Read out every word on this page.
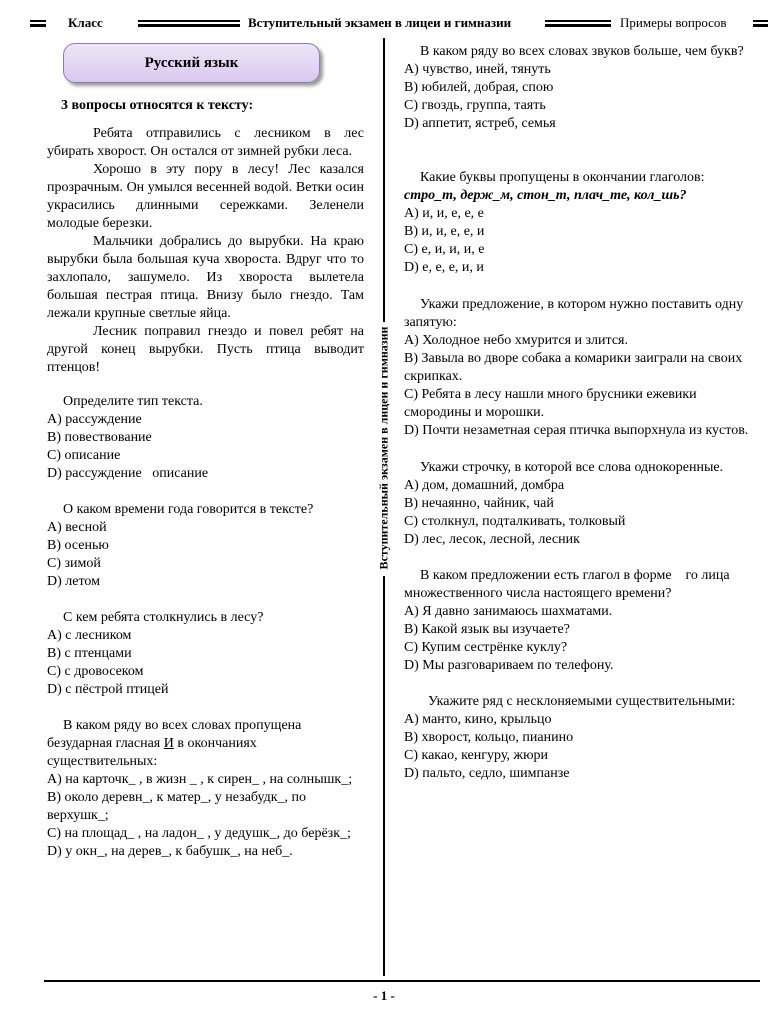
Класс	Вступительный экзамен в лицеи и гимназии	Примеры вопросов
Русский язык

3 вопросы относятся к тексту:

Ребята отправились с лесником в лес убирать хворост. Он остался от зимней рубки леса.

Хорошо в эту пору в лесу! Лес казался прозрачным. Он умылся весенней водой. Ветки осин украсились длинными сережками. Зеленели молодые березки.

Мальчики добрались до вырубки. На краю вырубки была большая куча хвороста. Вдруг что то захлопало, зашумело. Из хвороста вылетела большая пестрая птица. Внизу было гнездо. Там лежали крупные светлые яйца.

Лесник поправил гнездо и повел ребят на другой конец вырубки. Пусть птица выводит птенцов!

Определите тип текста.

A) рассуждение

B) повествование

C) описание

D) рассуждение   описание

О каком времени года говорится в тексте?

A) весной

B) осенью

C) зимой

D) летом

С кем ребята столкнулись в лесу?

A) с лесником

B) с птенцами

C) с дровосеком

D) с пёстрой птицей

В каком ряду во всех словах пропущена безударная гласная И в окончаниях существительных:

A) на карточк_ , в жизн _ , к сирен_ , на солнышк_;

B) около деревн_, к матер_, у незабудк_, по верхушк_;

C) на площад_ , на ладон_ , у дедушк_, до берёзк_;

D) у окн_, на дерев_, к бабушк_, на неб_.

Вступительный экзамен в лицеи и гимназии

В каком ряду во всех словах звуков больше, чем букв?

A) чувство, иней, тянуть

B) юбилей, добрая, спою

C) гвоздь, группа, таять

D) аппетит, ястреб, семья

Какие буквы пропущены в окончании глаголов:

стро_т, держ_м, стон_т, плач_те, кол_шь?

A) и, и, е, е, е

B) и, и, е, е, и

C) е, и, и, и, е

D) е, е, е, и, и

Укажи предложение, в котором нужно поставить одну запятую:

A) Холодное небо хмурится и злится.

B) Завыла во дворе собака а комарики заиграли на своих скрипках.

C) Ребята в лесу нашли много брусники ежевики смородины и морошки.

D) Почти незаметная серая птичка выпорхнула из кустов.

Укажи строчку, в которой все слова однокоренные.

A) дом, домашний, домбра

B) нечаянно, чайник, чай

C) столкнул, подталкивать, толковый

D) лес, лесок, лесной, лесник

В каком предложении есть глагол в форме    го лица множественного числа настоящего времени?

A) Я давно занимаюсь шахматами.

B) Какой язык вы изучаете?

C) Купим сестрёнке куклу?

D) Мы разговариваем по телефону.

Укажите ряд с несклоняемыми существительными:

A) манто, кино, крыльцо

B) хворост, кольцо, пианино

C) какао, кенгуру, жюри

D) пальто, седло, шимпанзе

- 1 -
